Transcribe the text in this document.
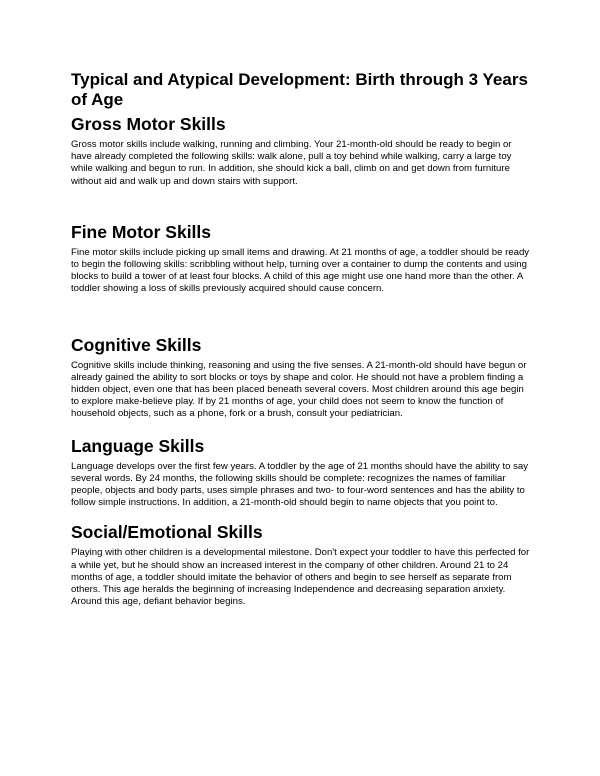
Typical and Atypical Development: Birth through 3 Years of Age
Gross Motor Skills

Gross motor skills include walking, running and climbing. Your 21-month-old should be ready to begin or have already completed the following skills: walk alone, pull a toy behind while walking, carry a large toy while walking and begun to run. In addition, she should kick a ball, climb on and get down from furniture without aid and walk up and down stairs with support.

Fine Motor Skills

Fine motor skills include picking up small items and drawing. At 21 months of age, a toddler should be ready to begin the following skills: scribbling without help, turning over a container to dump the contents and using blocks to build a tower of at least four blocks. A child of this age might use one hand more than the other. A toddler showing a loss of skills previously acquired should cause concern.

Cognitive Skills

Cognitive skills include thinking, reasoning and using the five senses. A 21-month-old should have begun or already gained the ability to sort blocks or toys by shape and color. He should not have a problem finding a hidden object, even one that has been placed beneath several covers. Most children around this age begin to explore make-believe play. If by 21 months of age, your child does not seem to know the function of household objects, such as a phone, fork or a brush, consult your pediatrician.

Language Skills

Language develops over the first few years. A toddler by the age of 21 months should have the ability to say several words. By 24 months, the following skills should be complete: recognizes the names of familiar people, objects and body parts, uses simple phrases and two- to four-word sentences and has the ability to follow simple instructions. In addition, a 21-month-old should begin to name objects that you point to.

Social/Emotional Skills

Playing with other children is a developmental milestone. Don't expect your toddler to have this perfected for a while yet, but he should show an increased interest in the company of other children. Around 21 to 24 months of age, a toddler should imitate the behavior of others and begin to see herself as separate from others. This age heralds the beginning of increasing Independence and decreasing separation anxiety. Around this age, defiant behavior begins.
